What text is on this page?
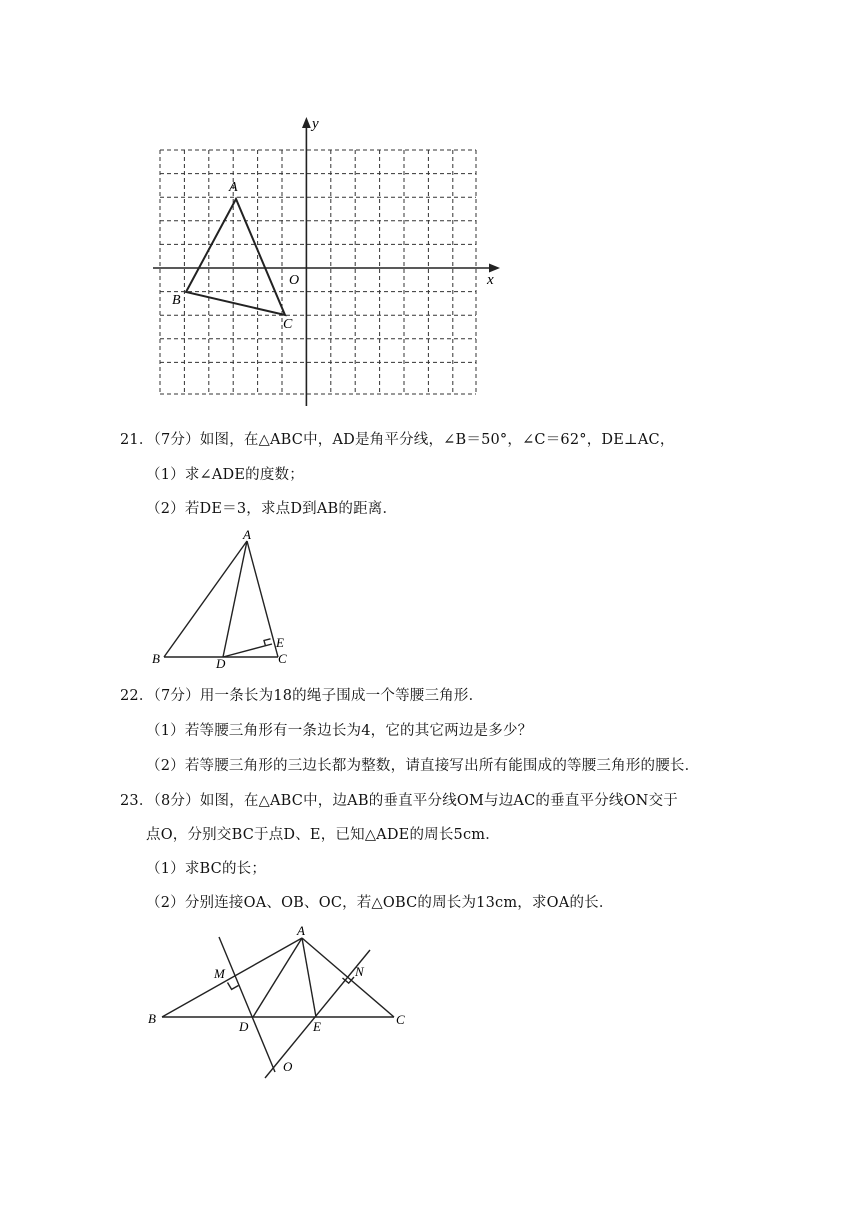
x
y
O
A
B
C
21．（7分）如图，在△ABC中，AD是角平分线，∠B＝50°，∠C＝62°，DE⊥AC，
（1）求∠ADE的度数；
（2）若DE＝3，求点D到AB的距离．
A
B	C
D
E
22．（7分）用一条长为18的绳子围成一个等腰三角形．
（1）若等腰三角形有一条边长为4，它的其它两边是多少？
（2）若等腰三角形的三边长都为整数，请直接写出所有能围成的等腰三角形的腰长．
23．（8分）如图，在△ABC中，边AB的垂直平分线OM与边AC的垂直平分线ON交于
点O，分别交BC于点D、E，已知△ADE的周长5cm．
（1）求BC的长；
（2）分别连接OA、OB、OC，若△OBC的周长为13cm，求OA的长．
A
B	C
D	E
M	N
O
